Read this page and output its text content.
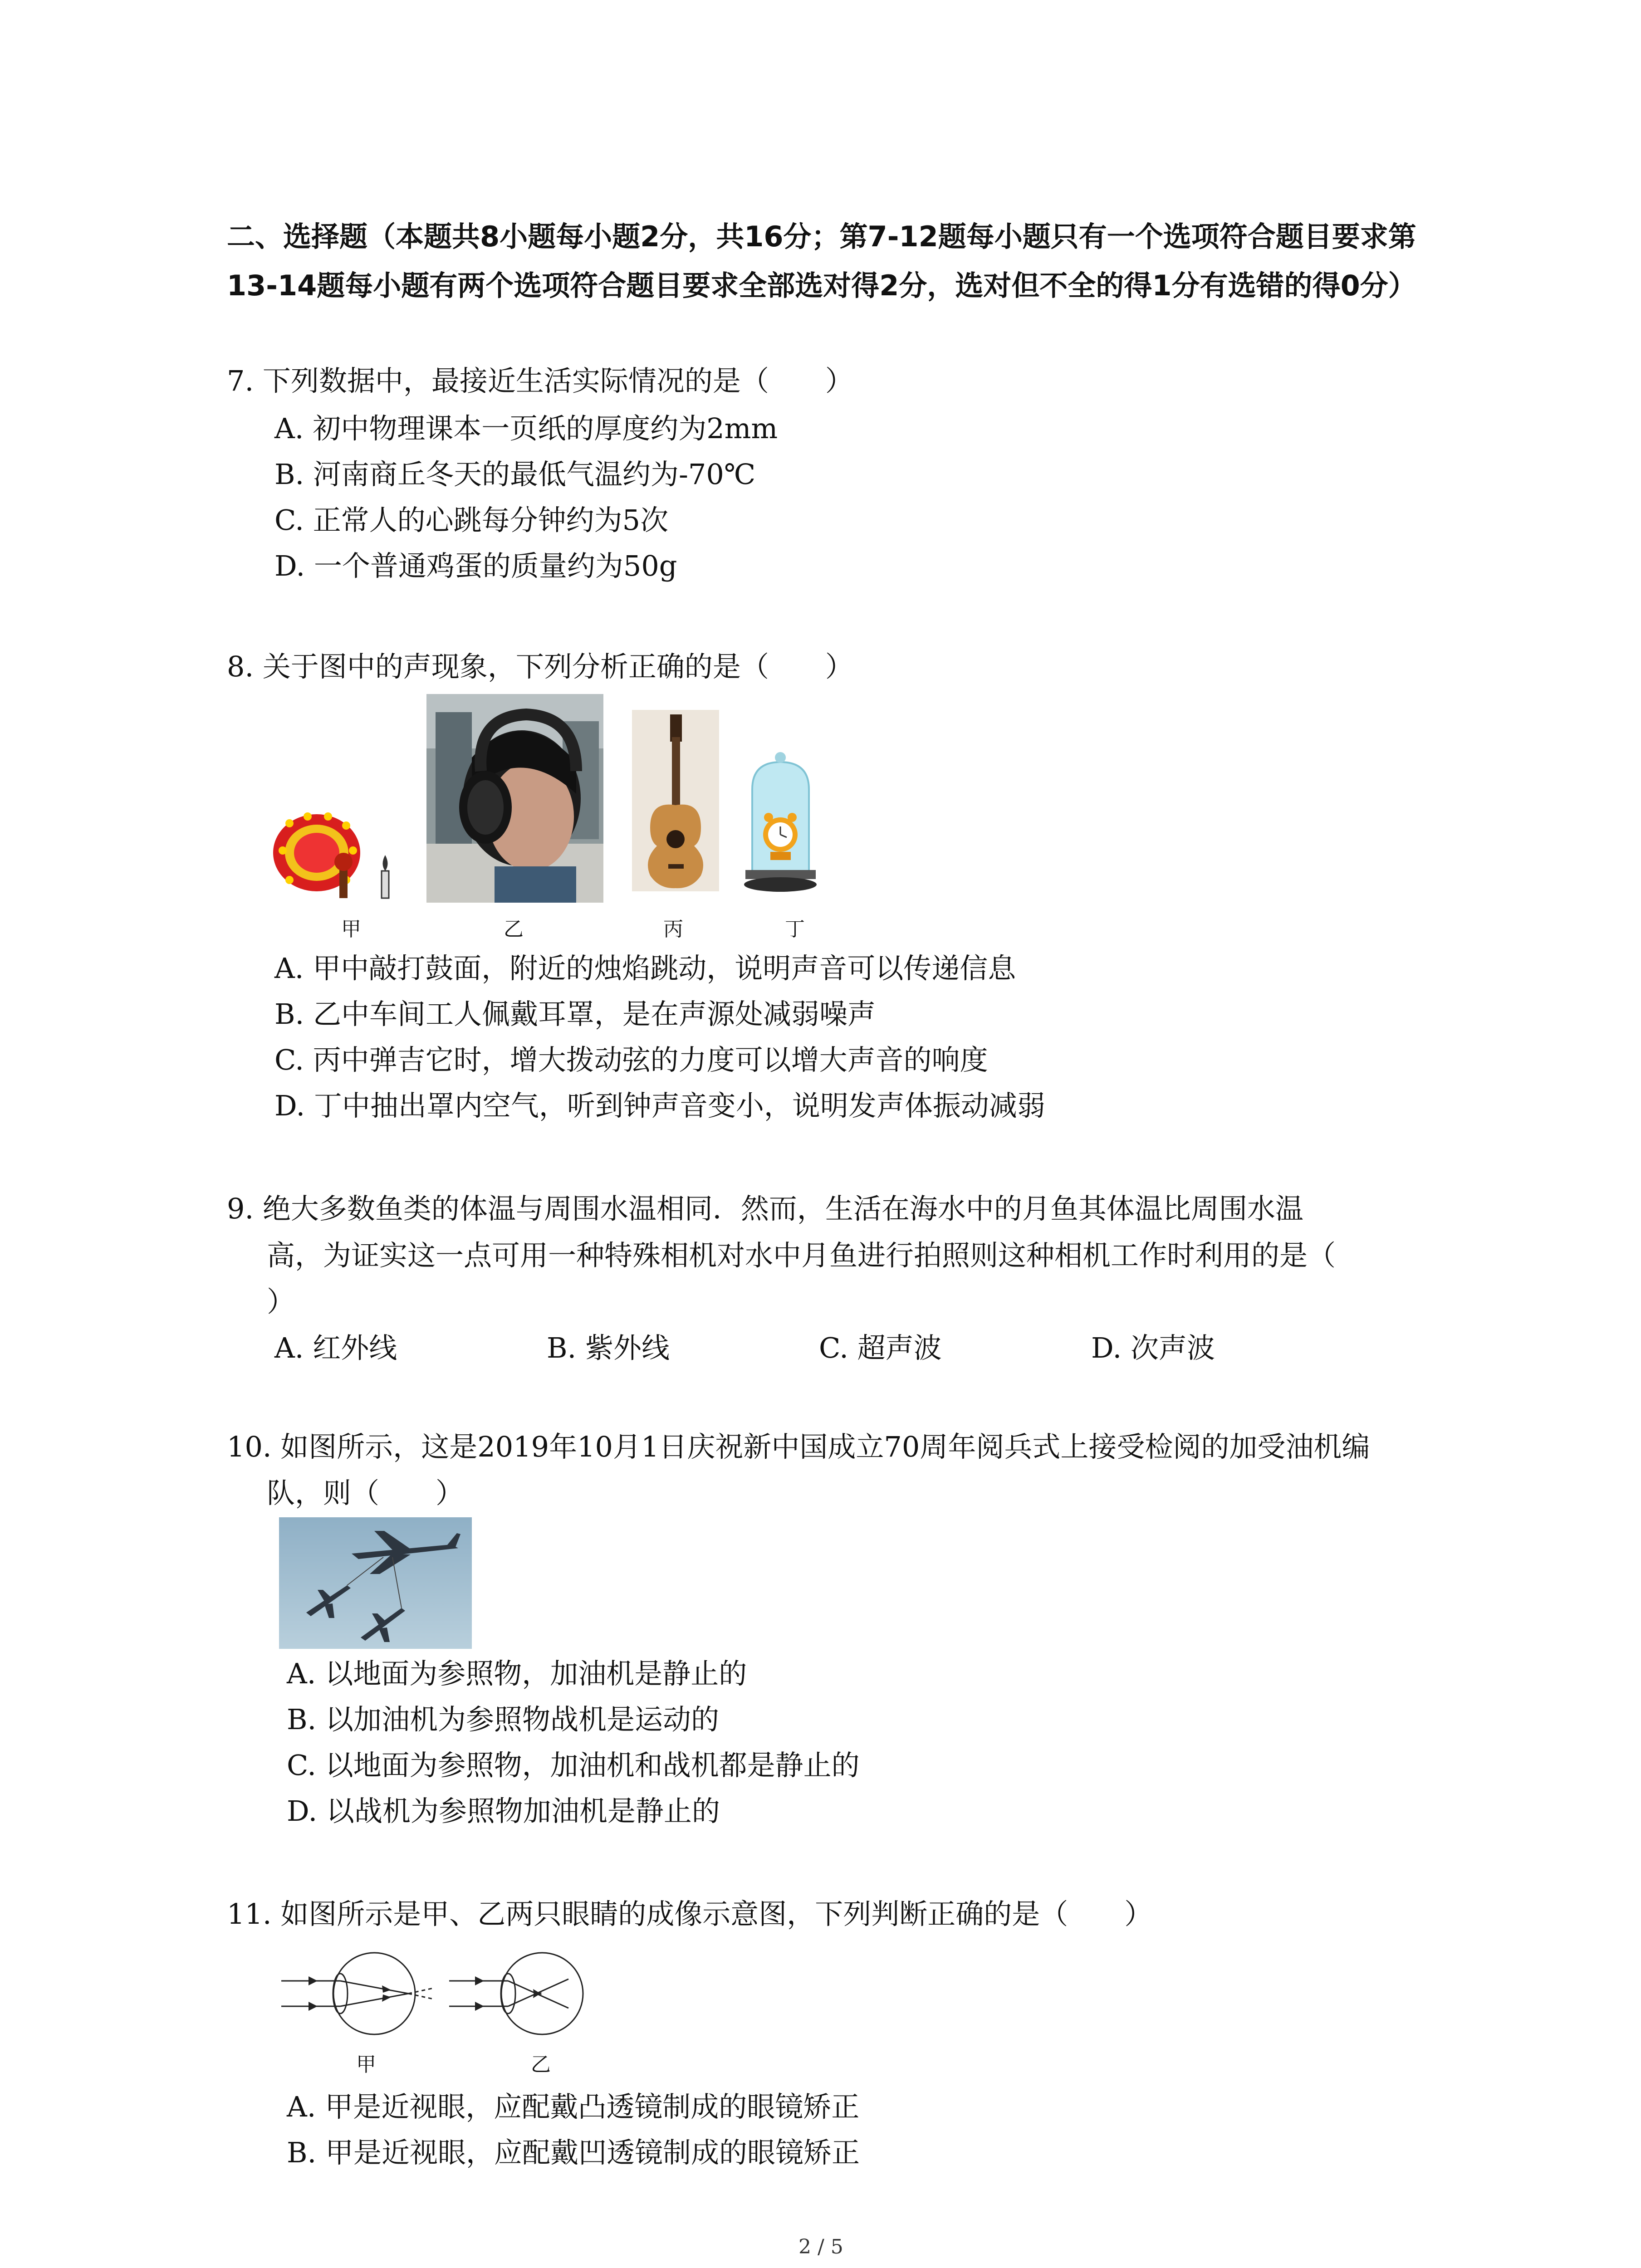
二、选择题（本题共8小题每小题2分，共16分；第7-12题每小题只有一个选项符合题目要求第13-14题每小题有两个选项符合题目要求全部选对得2分，选对但不全的得1分有选错的得0分）
7. 下列数据中，最接近生活实际情况的是（　　）
A. 初中物理课本一页纸的厚度约为2mm
B. 河南商丘冬天的最低气温约为-70℃
C. 正常人的心跳每分钟约为5次
D. 一个普通鸡蛋的质量约为50g
8. 关于图中的声现象，下列分析正确的是（　　）
甲	乙	丙	丁
A. 甲中敲打鼓面，附近的烛焰跳动，说明声音可以传递信息
B. 乙中车间工人佩戴耳罩，是在声源处减弱噪声
C. 丙中弹吉它时，增大拨动弦的力度可以增大声音的响度
D. 丁中抽出罩内空气，听到钟声音变小，说明发声体振动减弱
9. 绝大多数鱼类的体温与周围水温相同．然而，生活在海水中的月鱼其体温比周围水温
高，为证实这一点可用一种特殊相机对水中月鱼进行拍照则这种相机工作时利用的是（
）
A. 红外线	B. 紫外线	C. 超声波	D. 次声波
10. 如图所示，这是2019年10月1日庆祝新中国成立70周年阅兵式上接受检阅的加受油机编
队，则（　　）
A. 以地面为参照物，加油机是静止的
B. 以加油机为参照物战机是运动的
C. 以地面为参照物，加油机和战机都是静止的
D. 以战机为参照物加油机是静止的
11. 如图所示是甲、乙两只眼睛的成像示意图，下列判断正确的是（　　）
甲	乙
A. 甲是近视眼，应配戴凸透镜制成的眼镜矫正
B. 甲是近视眼，应配戴凹透镜制成的眼镜矫正
2 / 5
